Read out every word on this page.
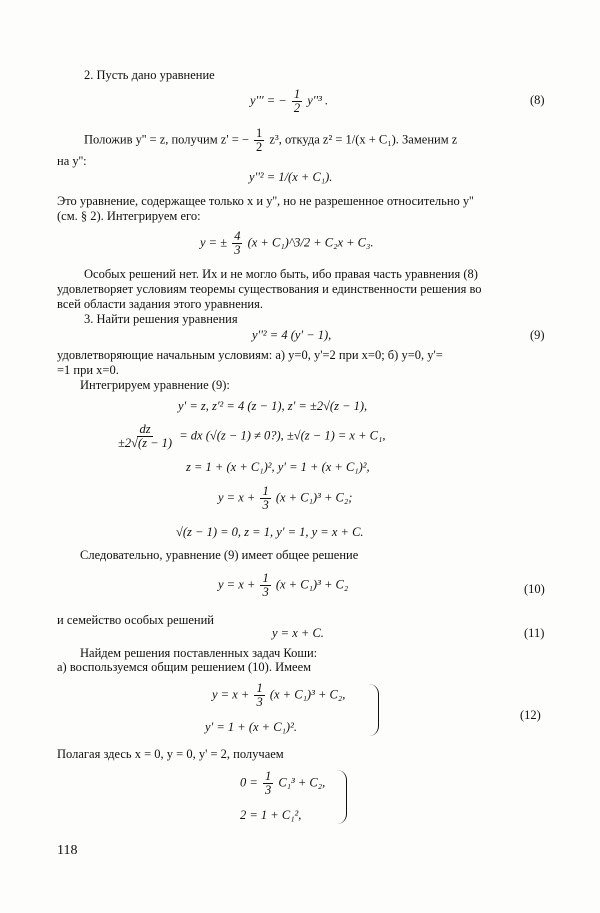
2. Пусть дано уравнение
y''' = − $\frac{1}{2} y''^3$ .	(8)
Положив y'' = z, получим z' = − $\frac{1}{2} z^3$, откуда z² = 1/(x + C₁). Заменим z
на y'':
y''² = 1/(x + C₁).
Это уравнение, содержащее только x и y'', но не разрешенное относительно y''
(см. § 2). Интегрируем его:
y = ± $\frac{4}{3} (x$ + C₁)^3/2 + C₂x + C₃.
Особых решений нет. Их и не могло быть, ибо правая часть уравнения (8)
удовлетворяет условиям теоремы существования и единственности решения во
всей области задания этого уравнения.
3. Найти решения уравнения
y''² = 4 (y' − 1),	(9)
удовлетворяющие начальным условиям: а) y=0, y'=2 при x=0; б) y=0, y'=
=1 при x=0.
Интегрируем уравнение (9):
y' = z, z'² = 4 (z − 1), z' = ±2√(z − 1),
$\frac{dz}{\pm 2√(z - 1)}$ = dx (√(z − 1) ≠ 0?), ±√(z − 1) = x + C₁,
z = 1 + (x + C₁)², y' = 1 + (x + C₁)²,
$y = x + \frac{1}{3} (x + C_1)^3 + C_2$;
√(z − 1) = 0, z = 1, y' = 1, y = x + C.
Следовательно, уравнение (9) имеет общее решение
$y = x + \frac{1}{3} (x + C_1)^3 + C_2$	(10)
и семейство особых решений
y = x + C.	(11)
Найдем решения поставленных задач Коши:
а) воспользуемся общим решением (10). Имеем
$y = x + \frac{1}{3} (x + C_1)^3 + C_2$,
y' = 1 + (x + C₁)².
(12)
Полагая здесь x = 0, y = 0, y' = 2, получаем
$0 = \frac{1}{3} C_1^3 + C_2$,
2 = 1 + C₁²,
118
